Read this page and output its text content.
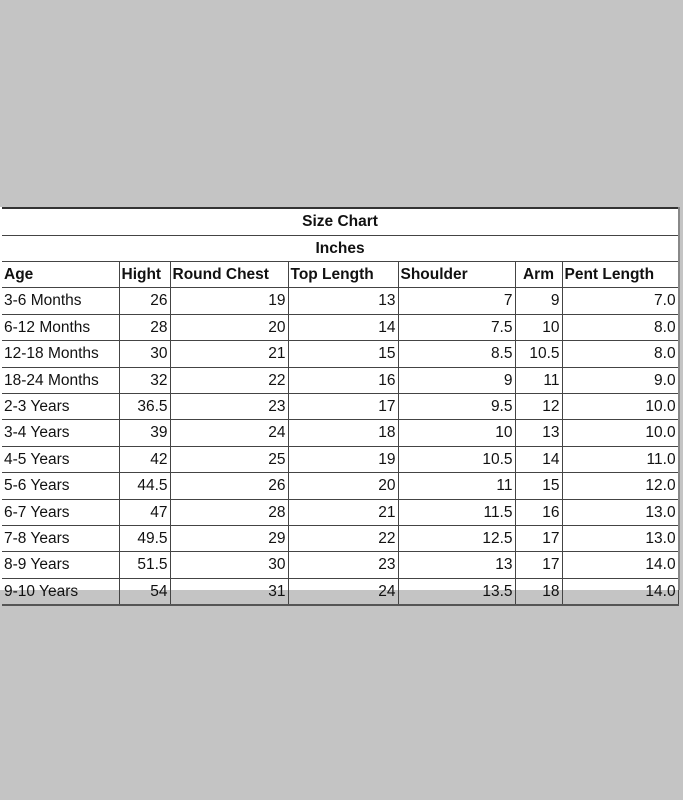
Size Chart						
Inches						
Age	Hight	Round Chest	Top Length	Shoulder	Arm	Pent Length
3-6 Months	26	19	13	7	9	7.0
6-12 Months	28	20	14	7.5	10	8.0
12-18 Months	30	21	15	8.5	10.5	8.0
18-24 Months	32	22	16	9	11	9.0
2-3 Years	36.5	23	17	9.5	12	10.0
3-4 Years	39	24	18	10	13	10.0
4-5 Years	42	25	19	10.5	14	11.0
5-6 Years	44.5	26	20	11	15	12.0
6-7 Years	47	28	21	11.5	16	13.0
7-8 Years	49.5	29	22	12.5	17	13.0
8-9 Years	51.5	30	23	13	17	14.0
9-10 Years	54	31	24	13.5	18	14.0
